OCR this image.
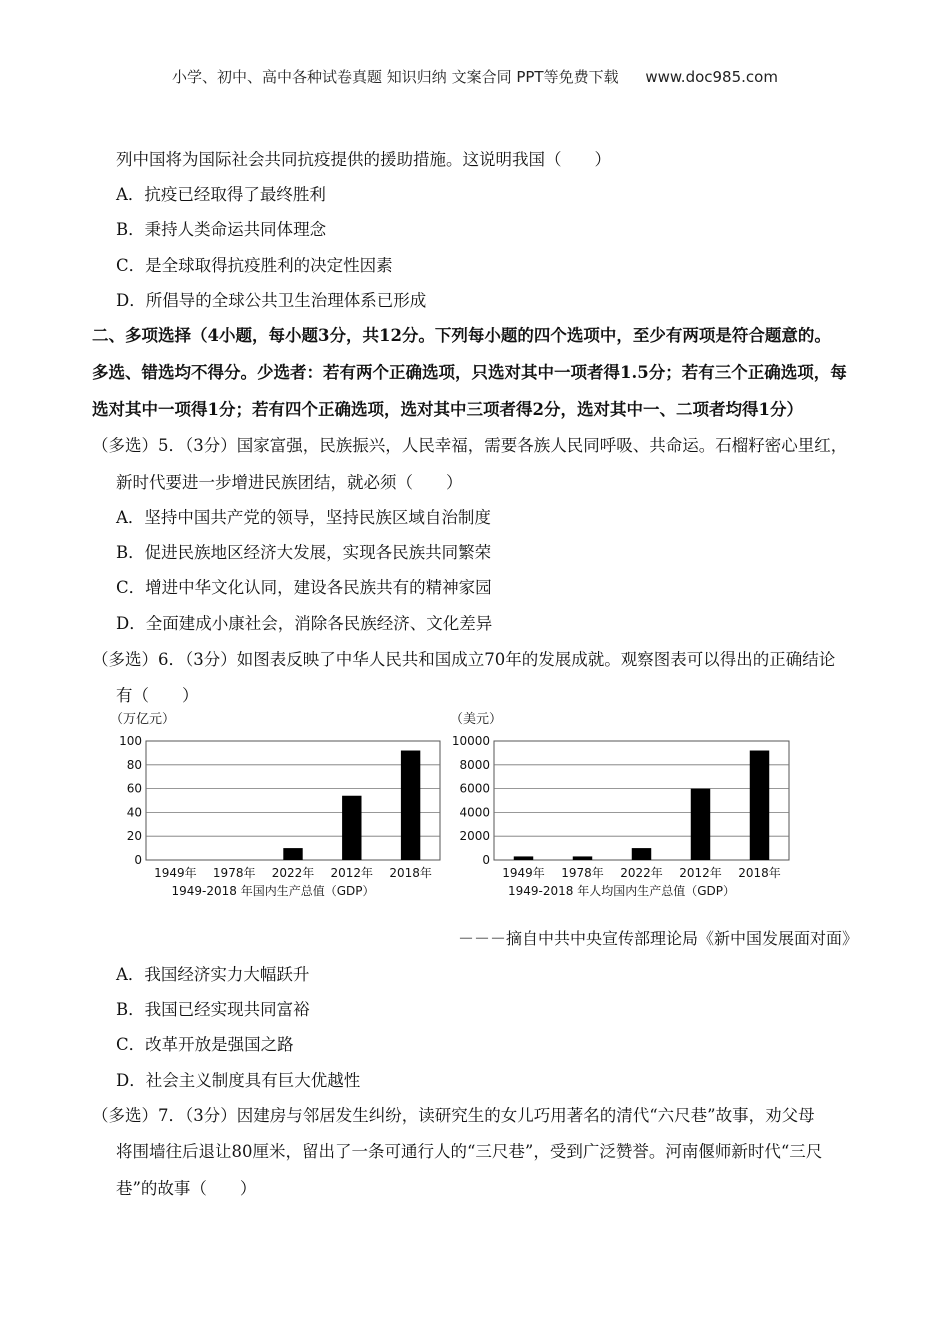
小学、初中、高中各种试卷真题 知识归纳 文案合同 PPT等免费下载 www.doc985.com
列中国将为国际社会共同抗疫提供的援助措施。这说明我国（　　）
A．抗疫已经取得了最终胜利
B．秉持人类命运共同体理念
C．是全球取得抗疫胜利的决定性因素
D．所倡导的全球公共卫生治理体系已形成
二、多项选择（4小题，每小题3分，共12分。下列每小题的四个选项中，至少有两项是符合题意的。
多选、错选均不得分。少选者：若有两个正确选项，只选对其中一项者得1.5分；若有三个正确选项，每
选对其中一项得1分；若有四个正确选项，选对其中三项者得2分，选对其中一、二项者均得1分）
（多选）5．（3分）国家富强，民族振兴，人民幸福，需要各族人民同呼吸、共命运。石榴籽密心里红，
新时代要进一步增进民族团结，就必须（　　）
A．坚持中国共产党的领导，坚持民族区域自治制度
B．促进民族地区经济大发展，实现各民族共同繁荣
C．增进中华文化认同，建设各民族共有的精神家园
D．全面建成小康社会，消除各民族经济、文化差异
（多选）6．（3分）如图表反映了中华人民共和国成立70年的发展成就。观察图表可以得出的正确结论
有（　　）
（万亿元）
0
20
40
60
80
100
1949年 1978年 2022年 2012年 2018年
1949-2018 年国内生产总值（GDP）
（美元）
0
2000
4000
6000
8000
10000
1949年 1978年 2022年 2012年 2018年
1949-2018 年人均国内生产总值（GDP）
－－－摘自中共中央宣传部理论局《新中国发展面对面》
A．我国经济实力大幅跃升
B．我国已经实现共同富裕
C．改革开放是强国之路
D．社会主义制度具有巨大优越性
（多选）7．（3分）因建房与邻居发生纠纷，读研究生的女儿巧用著名的清代“六尺巷”故事，劝父母
将围墙往后退让80厘米，留出了一条可通行人的“三尺巷”，受到广泛赞誉。河南偃师新时代“三尺
巷”的故事（　　）
